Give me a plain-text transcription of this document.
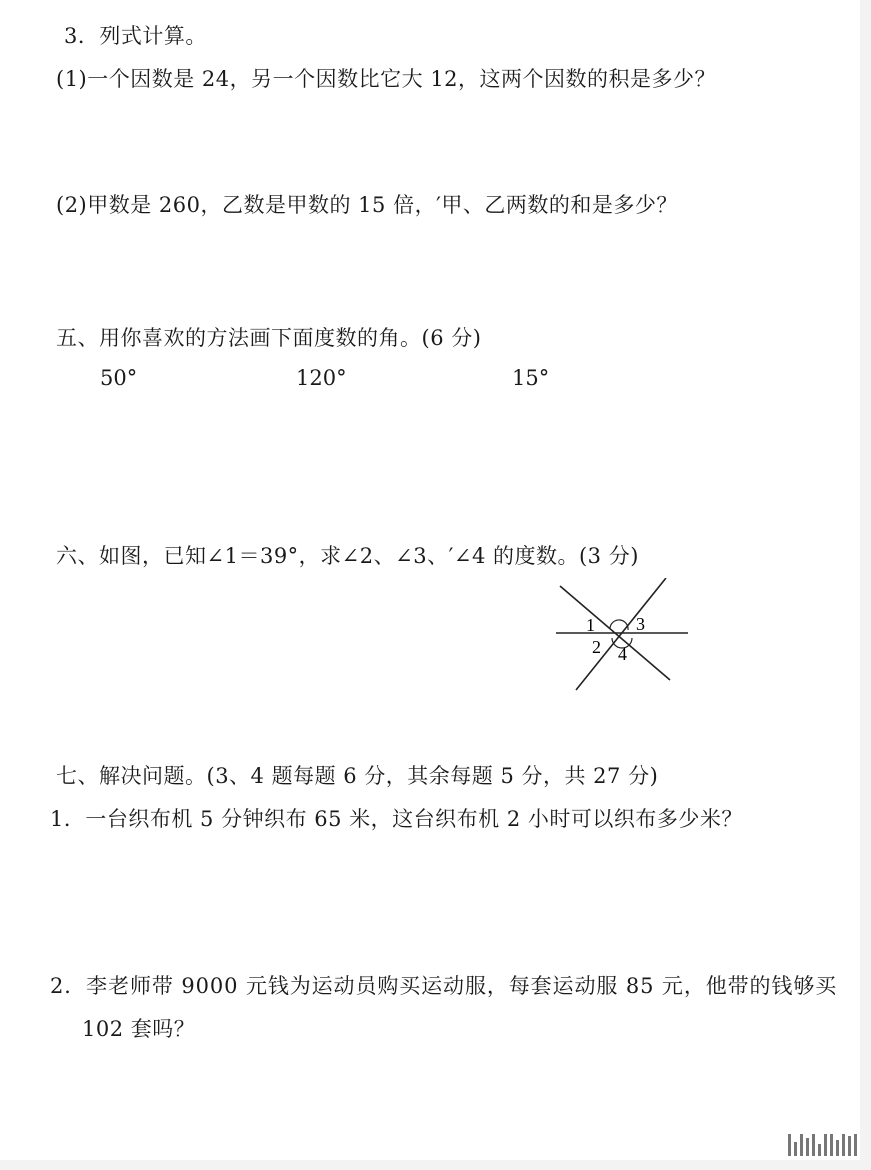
3．列式计算。
(1)一个因数是 24，另一个因数比它大 12，这两个因数的积是多少？
(2)甲数是 260，乙数是甲数的 15 倍，′甲、乙两数的和是多少？
五、用你喜欢的方法画下面度数的角。(6 分)
50°	120°	15°
六、如图，已知∠1＝39°，求∠2、∠3、′∠4 的度数。(3 分)
1
2
3
4
七、解决问题。(3、4 题每题 6 分，其余每题 5 分，共 27 分)
1．一台织布机 5 分钟织布 65 米，这台织布机 2 小时可以织布多少米？
2．李老师带 9000 元钱为运动员购买运动服，每套运动服 85 元，他带的钱够买
102 套吗？
